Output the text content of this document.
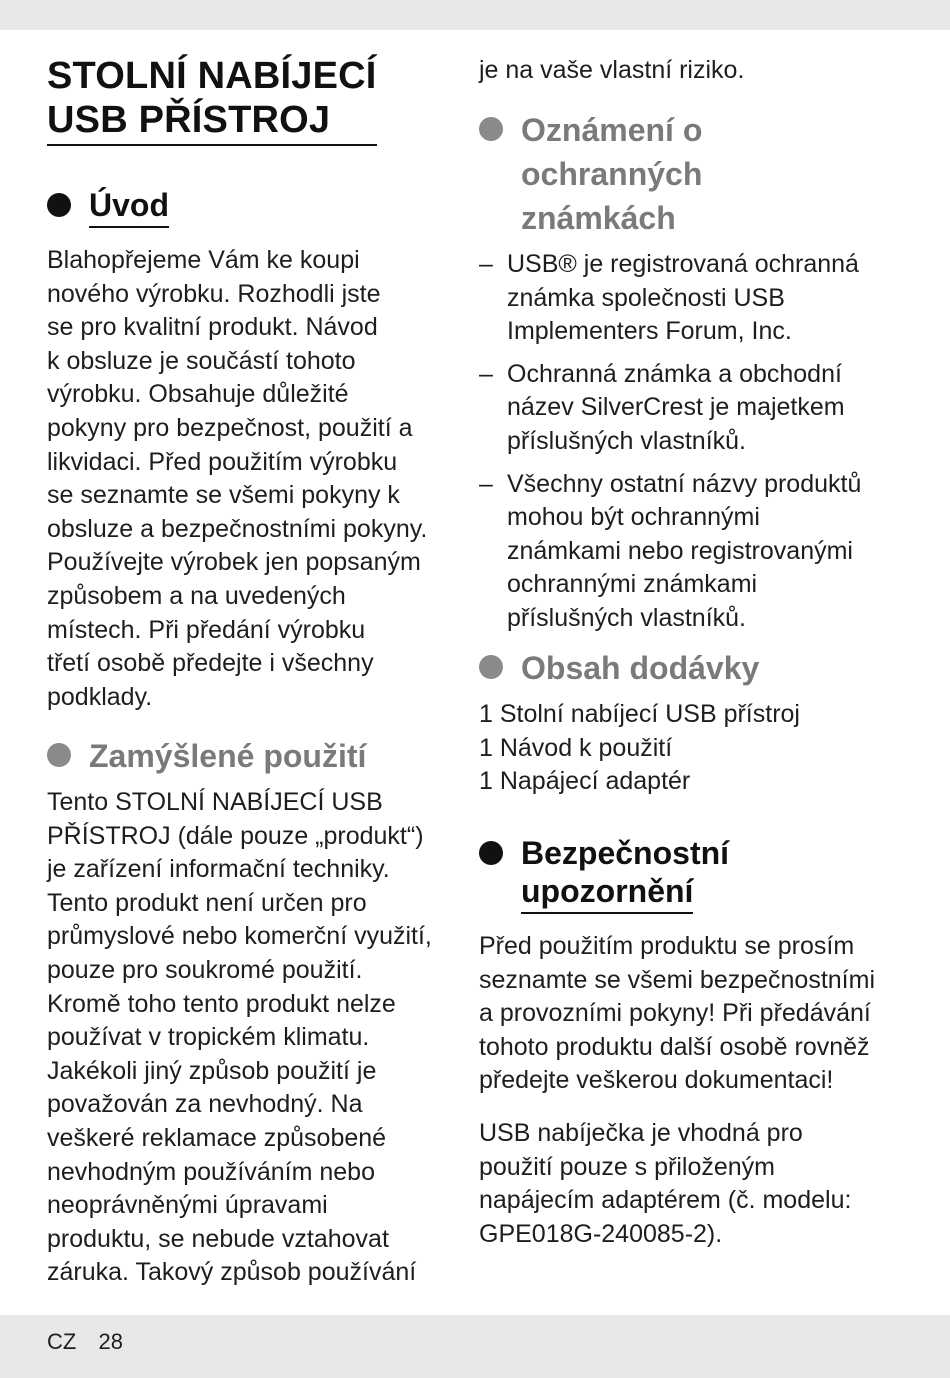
STOLNÍ NABÍJECÍ
USB PŘÍSTROJ
Úvod
Blahopřejeme Vám ke koupi
nového výrobku. Rozhodli jste
se pro kvalitní produkt. Návod
k obsluze je součástí tohoto
výrobku. Obsahuje důležité
pokyny pro bezpečnost, použití a
likvidaci. Před použitím výrobku
se seznamte se všemi pokyny k
obsluze a bezpečnostními pokyny.
Používejte výrobek jen popsaným
způsobem a na uvedených
místech. Při předání výrobku
třetí osobě předejte i všechny
podklady.
Zamýšlené použití
Tento STOLNÍ NABÍJECÍ USB
PŘÍSTROJ (dále pouze „produkt“)
je zařízení informační techniky.
Tento produkt není určen pro
průmyslové nebo komerční využití,
pouze pro soukromé použití.
Kromě toho tento produkt nelze
používat v tropickém klimatu.
Jakékoli jiný způsob použití je
považován za nevhodný. Na
veškeré reklamace způsobené
nevhodným používáním nebo
neoprávněnými úpravami
produktu, se nebude vztahovat
záruka. Takový způsob používání
je na vaše vlastní riziko.
Oznámení o
ochranných
známkách
– USB® je registrovaná ochranná
známka společnosti USB
Implementers Forum, Inc.
– Ochranná známka a obchodní
název SilverCrest je majetkem
příslušných vlastníků.
– Všechny ostatní názvy produktů
mohou být ochrannými
známkami nebo registrovanými
ochrannými známkami
příslušných vlastníků.
Obsah dodávky
1 Stolní nabíjecí USB přístroj
1 Návod k použití
1 Napájecí adaptér
Bezpečnostní
upozornění
Před použitím produktu se prosím
seznamte se všemi bezpečnostními
a provozními pokyny! Při předávání
tohoto produktu další osobě rovněž
předejte veškerou dokumentaci!
USB nabíječka je vhodná pro
použití pouze s přiloženým
napájecím adaptérem (č. modelu:
GPE018G-240085-2).
CZ 28
